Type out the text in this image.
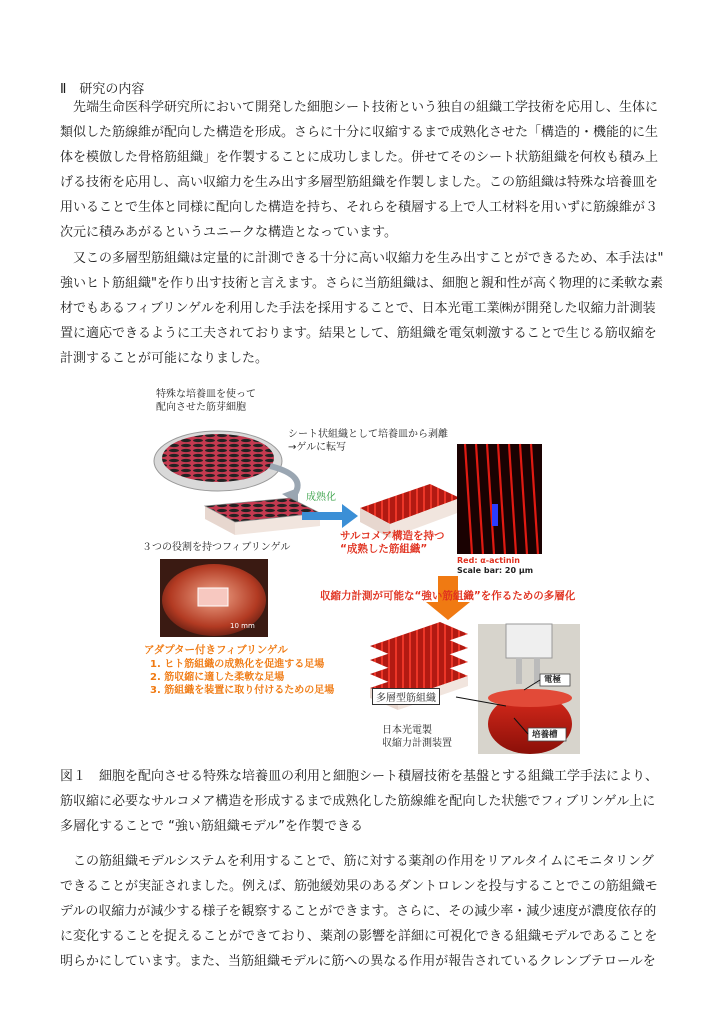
Ⅱ　研究の内容
先端生命医科学研究所において開発した細胞シート技術という独自の組織工学技術を応用し、生体に
類似した筋線維が配向した構造を形成。さらに十分に収縮するまで成熟化させた「構造的・機能的に生
体を模倣した骨格筋組織」を作製することに成功しました。併せてそのシート状筋組織を何枚も積み上
げる技術を応用し、高い収縮力を生み出す多層型筋組織を作製しました。この筋組織は特殊な培養皿を
用いることで生体と同様に配向した構造を持ち、それらを積層する上で人工材料を用いずに筋線維が３
次元に積みあがるというユニークな構造となっています。
又この多層型筋組織は定量的に計測できる十分に高い収縮力を生み出すことができるため、本手法は"
強いヒト筋組織"を作り出す技術と言えます。さらに当筋組織は、細胞と親和性が高く物理的に柔軟な素
材でもあるフィブリンゲルを利用した手法を採用することで、日本光電工業㈱が開発した収縮力計測装
置に適応できるように工夫されております。結果として、筋組織を電気刺激することで生じる筋収縮を
計測することが可能になりました。
特殊な培養皿を使って
配向させた筋芽細胞
シート状組織として培養皿から剥離
→ゲルに転写
成熟化
３つの役割を持つフィブリンゲル
サルコメア構造を持つ
“成熟した筋組織”
Red: α-actinin
Scale bar: 20 μm
10 mm
収縮力計測が可能な“強い筋組織”を作るための多層化
アダプター付きフィブリンゲル
1. ヒト筋組織の成熟化を促進する足場
2. 筋収縮に適した柔軟な足場
3. 筋組織を装置に取り付けるための足場
多層型筋組織
日本光電製
収縮力計測装置
電極
培養槽
図１　細胞を配向させる特殊な培養皿の利用と細胞シート積層技術を基盤とする組織工学手法により、
筋収縮に必要なサルコメア構造を形成するまで成熟化した筋線維を配向した状態でフィブリンゲル上に
多層化することで “強い筋組織モデル”を作製できる
この筋組織モデルシステムを利用することで、筋に対する薬剤の作用をリアルタイムにモニタリング
できることが実証されました。例えば、筋弛緩効果のあるダントロレンを投与することでこの筋組織モ
デルの収縮力が減少する様子を観察することができます。さらに、その減少率・減少速度が濃度依存的
に変化することを捉えることができており、薬剤の影響を詳細に可視化できる組織モデルであることを
明らかにしています。また、当筋組織モデルに筋への異なる作用が報告されているクレンブテロールを
